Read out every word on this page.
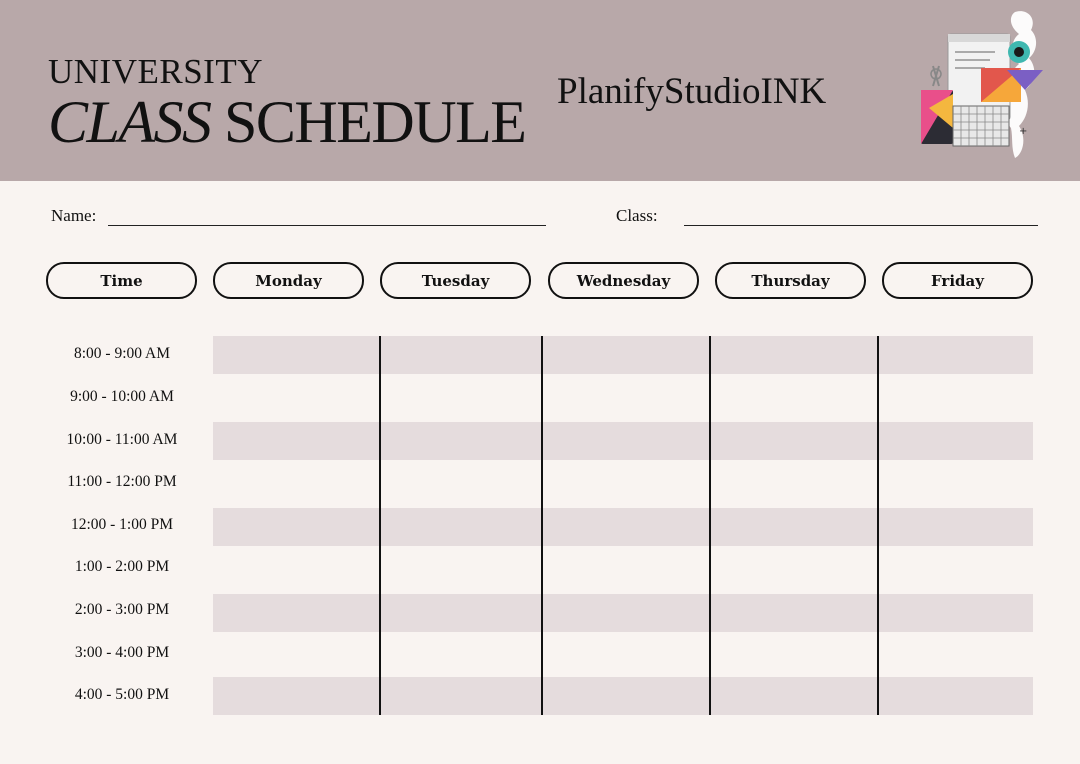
UNIVERSITY
CLASS SCHEDULE PlanifyStudioINK
+
Name:	Class:
Time	Monday	Tuesday	Wednesday	Thursday	Friday
8:00 - 9:00 AM
9:00 - 10:00 AM
10:00 - 11:00 AM
11:00 - 12:00 PM
12:00 - 1:00 PM
1:00 - 2:00 PM
2:00 - 3:00 PM
3:00 - 4:00 PM
4:00 - 5:00 PM
